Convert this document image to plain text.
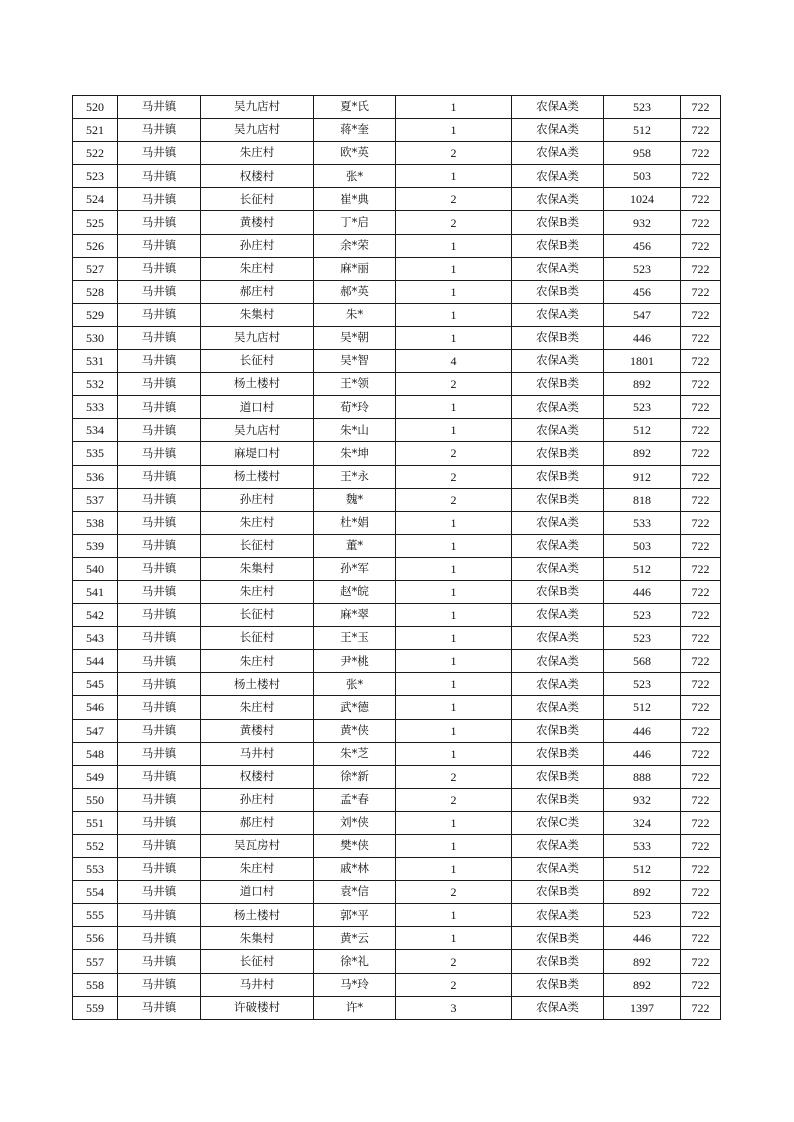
520	马井镇	吴九店村	夏*氏	1	农保A类	523	722
521	马井镇	吴九店村	蒋*奎	1	农保A类	512	722
522	马井镇	朱庄村	欧*英	2	农保A类	958	722
523	马井镇	权楼村	张*	1	农保A类	503	722
524	马井镇	长征村	崔*典	2	农保A类	1024	722
525	马井镇	黄楼村	丁*启	2	农保B类	932	722
526	马井镇	孙庄村	余*荣	1	农保B类	456	722
527	马井镇	朱庄村	麻*丽	1	农保A类	523	722
528	马井镇	郝庄村	郝*英	1	农保B类	456	722
529	马井镇	朱集村	朱*	1	农保A类	547	722
530	马井镇	吴九店村	吴*朝	1	农保B类	446	722
531	马井镇	长征村	吴*智	4	农保A类	1801	722
532	马井镇	杨土楼村	王*领	2	农保B类	892	722
533	马井镇	道口村	荀*玲	1	农保A类	523	722
534	马井镇	吴九店村	朱*山	1	农保A类	512	722
535	马井镇	麻堤口村	朱*坤	2	农保B类	892	722
536	马井镇	杨土楼村	王*永	2	农保B类	912	722
537	马井镇	孙庄村	魏*	2	农保B类	818	722
538	马井镇	朱庄村	杜*娟	1	农保A类	533	722
539	马井镇	长征村	董*	1	农保A类	503	722
540	马井镇	朱集村	孙*军	1	农保A类	512	722
541	马井镇	朱庄村	赵*皖	1	农保B类	446	722
542	马井镇	长征村	麻*翠	1	农保A类	523	722
543	马井镇	长征村	王*玉	1	农保A类	523	722
544	马井镇	朱庄村	尹*桃	1	农保A类	568	722
545	马井镇	杨土楼村	张*	1	农保A类	523	722
546	马井镇	朱庄村	武*德	1	农保A类	512	722
547	马井镇	黄楼村	黄*侠	1	农保B类	446	722
548	马井镇	马井村	朱*芝	1	农保B类	446	722
549	马井镇	权楼村	徐*新	2	农保B类	888	722
550	马井镇	孙庄村	孟*春	2	农保B类	932	722
551	马井镇	郝庄村	刘*侠	1	农保C类	324	722
552	马井镇	吴瓦房村	樊*侠	1	农保A类	533	722
553	马井镇	朱庄村	戚*林	1	农保A类	512	722
554	马井镇	道口村	袁*信	2	农保B类	892	722
555	马井镇	杨土楼村	郭*平	1	农保A类	523	722
556	马井镇	朱集村	黄*云	1	农保B类	446	722
557	马井镇	长征村	徐*礼	2	农保B类	892	722
558	马井镇	马井村	马*玲	2	农保B类	892	722
559	马井镇	许破楼村	许*	3	农保A类	1397	722
